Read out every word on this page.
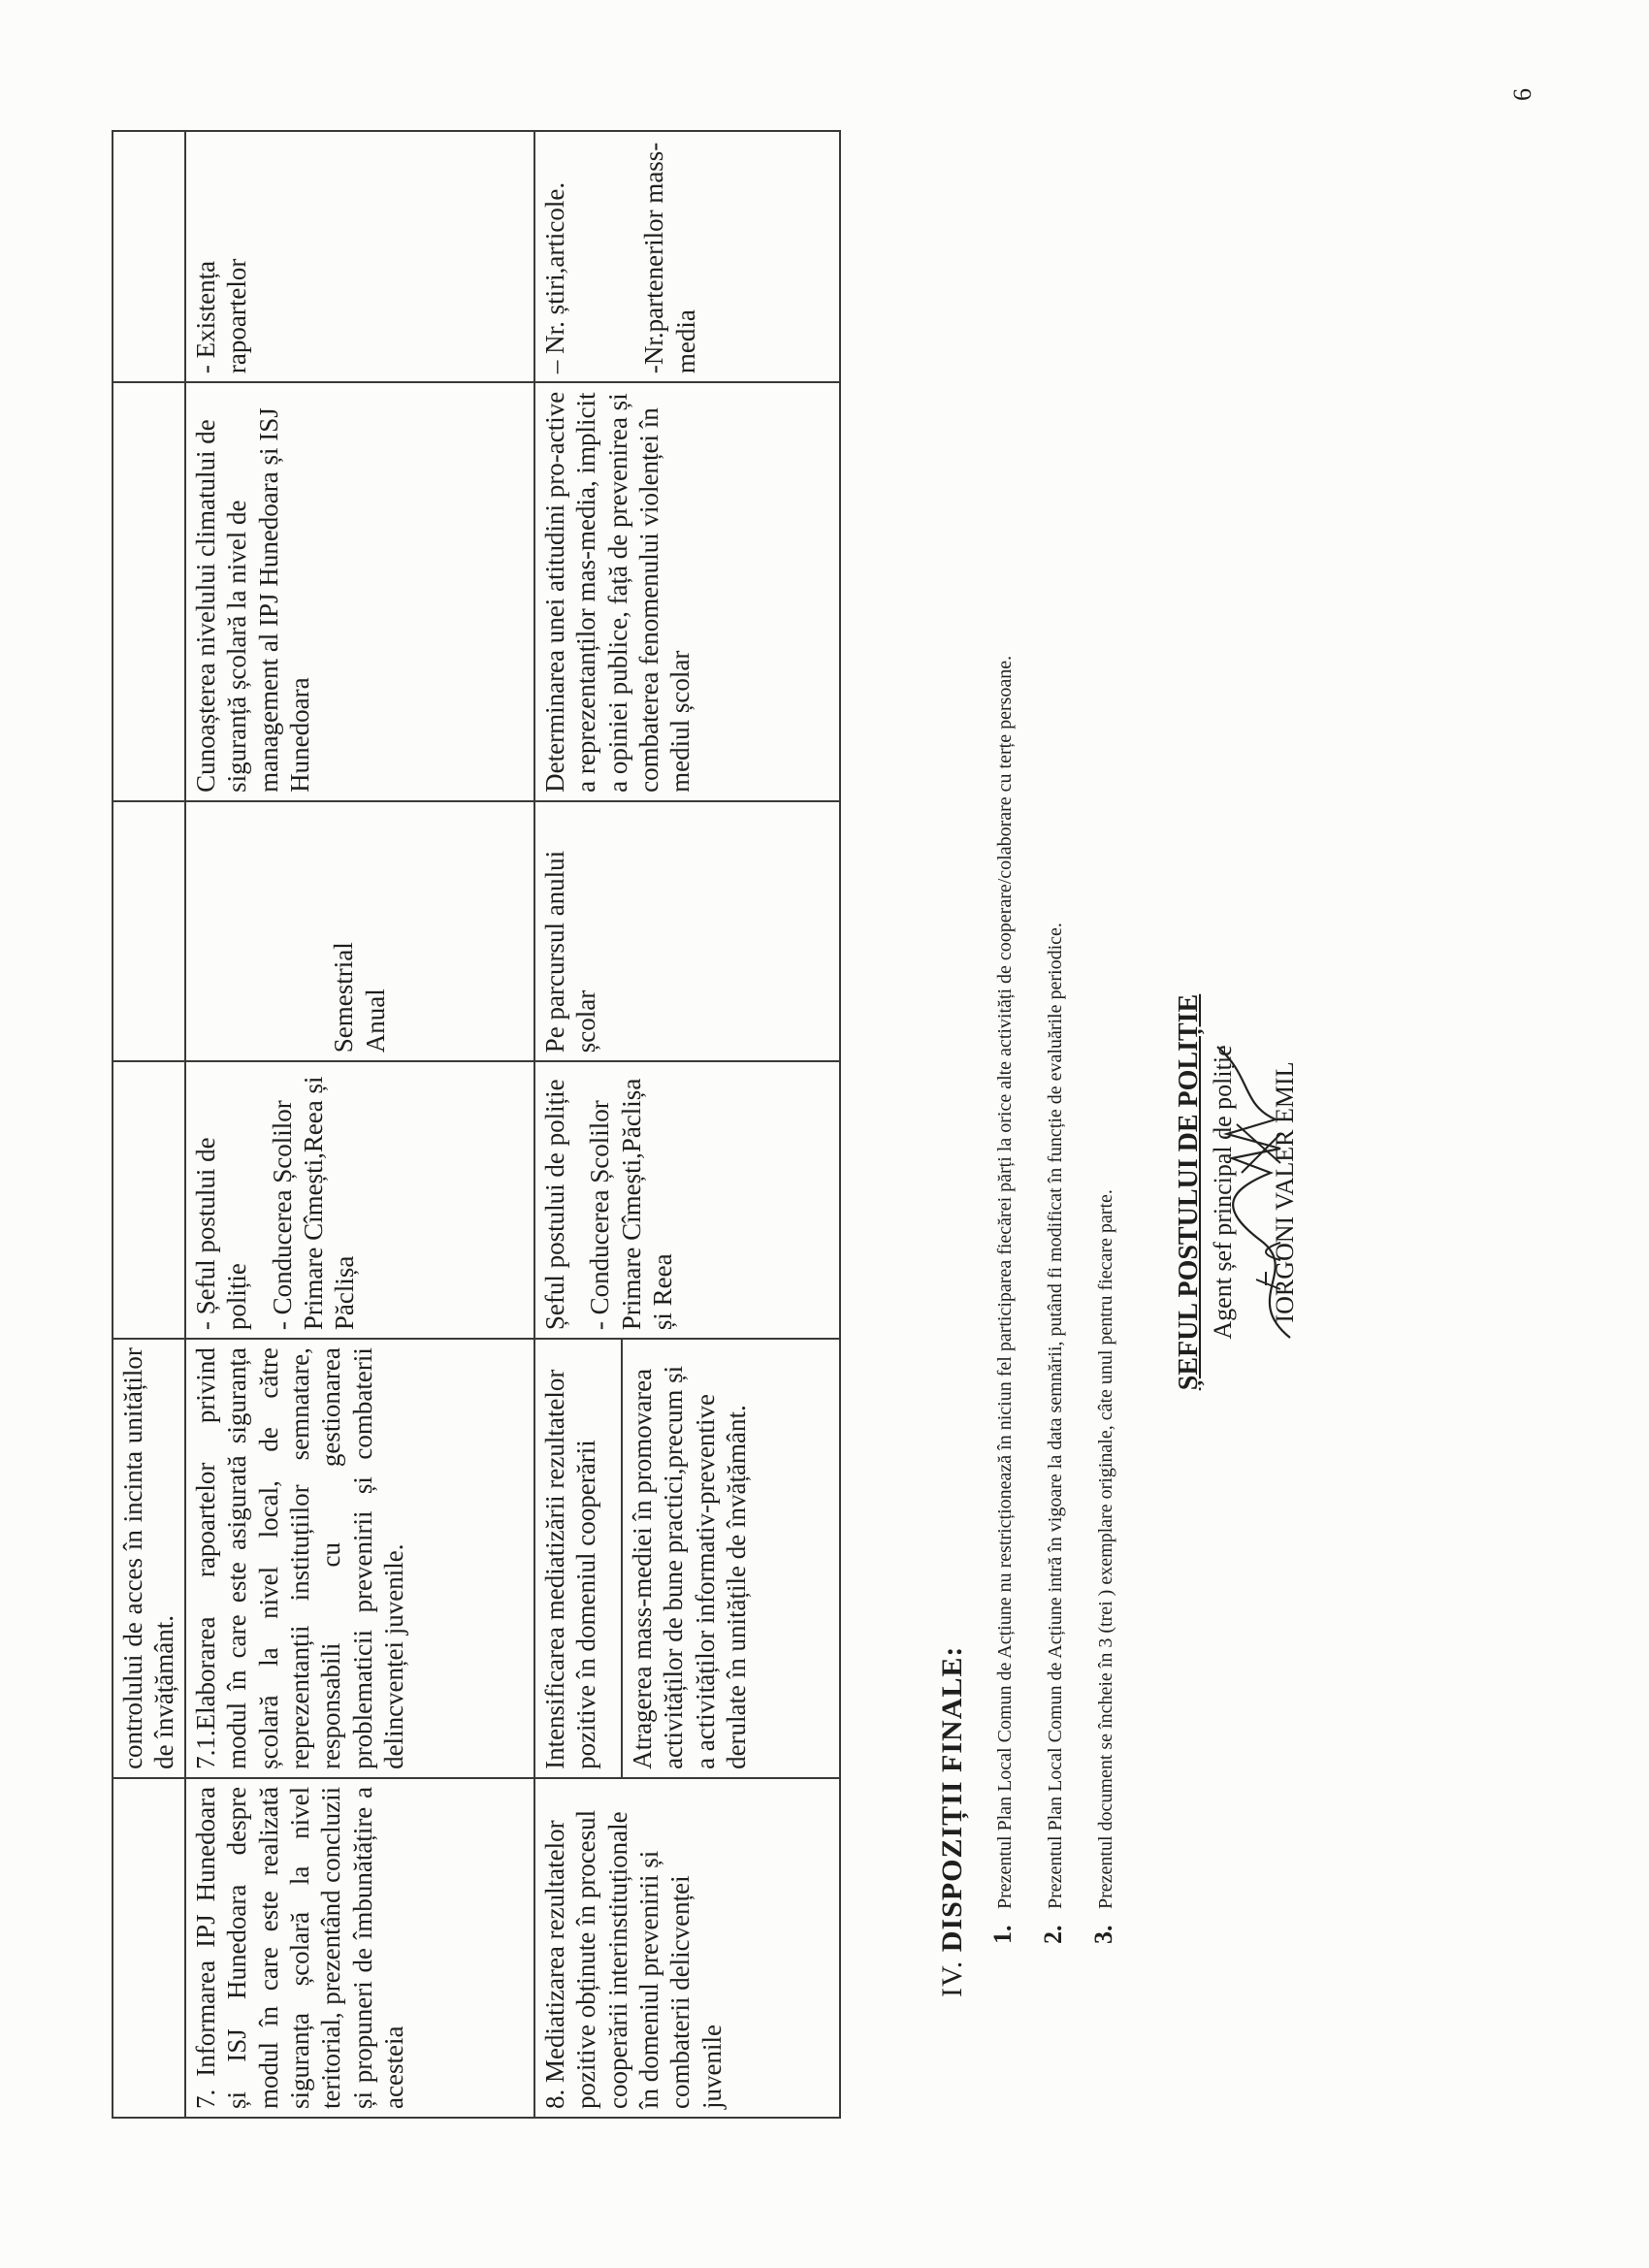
	controlului de acces în incinta unităților de învățământ.				
7. Informarea IPJ Hunedoara și ISJ Hunedoara despre modul în care este realizată siguranța școlară la nivel teritorial, prezentând concluzii și propuneri de îmbunătățire a acesteia	7.1.Elaborarea rapoartelor privind modul în care este asigurată siguranța școlară la nivel local, de către reprezentanții instituțiilor semnatare, responsabili cu gestionarea problematicii prevenirii și combaterii delincvenței juvenile.	- Șeful postului de poliție - Conducerea Școlilor Primare Cîmești,Reea și Păclișa	Semestrial Anual	Cunoașterea nivelului climatului de siguranță școlară la nivel de management al IPJ Hunedoara și ISJ Hunedoara	- Existența rapoartelor
8. Mediatizarea rezultatelor pozitive obținute în procesul cooperării interinstituționale în domeniul prevenirii și combaterii delicvenței juvenile	Intensificarea mediatizării rezultatelor pozitive în domeniul cooperării	Șeful postului de poliție - Conducerea Școlilor Primare Cîmești,Păclișa și Reea	Pe parcursul anului școlar	Determinarea unei atitudini pro-active a reprezentanților mas-media, implicit a opiniei publice, față de prevenirea și combaterea fenomenului violenței în mediul școlar	– Nr. știri,articole. -Nr.partenerilor mass-media
	Atragerea mass-mediei în promovarea activităților de bune practici,precum și a activităților informativ-preventive derulate în unitățile de învățământ.				
IV. DISPOZIȚII FINALE: 1.
Prezentul Plan Local Comun de Acțiune nu restricționează în niciun fel participarea fiecărei părți la orice alte activități de cooperare/colaborare cu terțe persoane.
2.
Prezentul Plan Local Comun de Acțiune intră în vigoare la data semnării, putând fi modificat în funcție de evaluările periodice.
3.
Prezentul document se încheie în 3 (trei ) exemplare originale, câte unul pentru fiecare parte. ȘEFUL POSTULUI DE POLIȚIE Agent șef principal de poliție IORGONI VALER EMIL
6
